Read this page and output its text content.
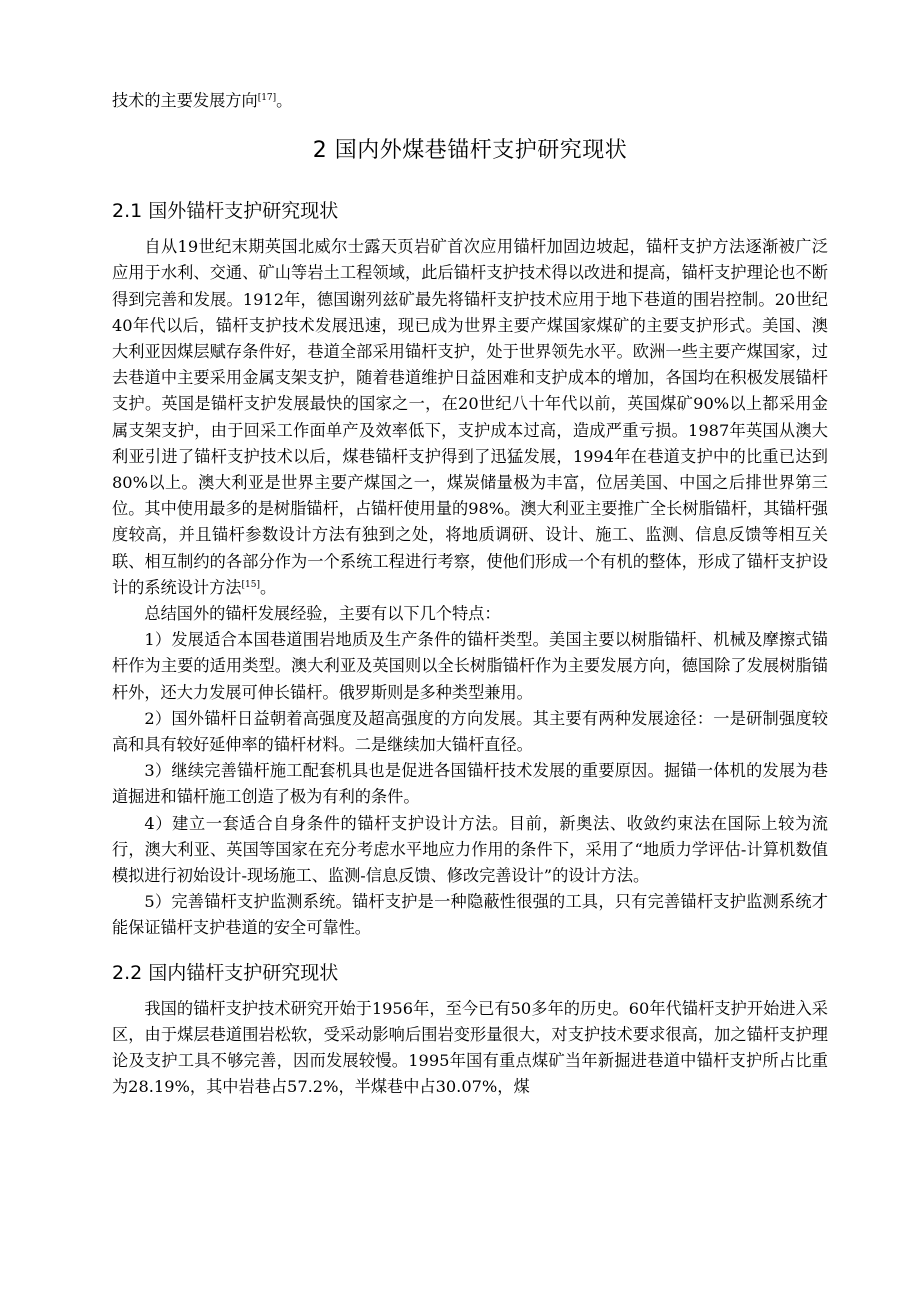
技术的主要发展方向[17]。

2 国内外煤巷锚杆支护研究现状
2.1 国外锚杆支护研究现状

自从19世纪末期英国北威尔士露天页岩矿首次应用锚杆加固边坡起，锚杆支护方法逐渐被广泛应用于水利、交通、矿山等岩土工程领域，此后锚杆支护技术得以改进和提高，锚杆支护理论也不断得到完善和发展。1912年，德国谢列兹矿最先将锚杆支护技术应用于地下巷道的围岩控制。20世纪40年代以后，锚杆支护技术发展迅速，现已成为世界主要产煤国家煤矿的主要支护形式。美国、澳大利亚因煤层赋存条件好，巷道全部采用锚杆支护，处于世界领先水平。欧洲一些主要产煤国家，过去巷道中主要采用金属支架支护，随着巷道维护日益困难和支护成本的增加，各国均在积极发展锚杆支护。英国是锚杆支护发展最快的国家之一，在20世纪八十年代以前，英国煤矿90%以上都采用金属支架支护，由于回采工作面单产及效率低下，支护成本过高，造成严重亏损。1987年英国从澳大利亚引进了锚杆支护技术以后，煤巷锚杆支护得到了迅猛发展，1994年在巷道支护中的比重已达到80%以上。澳大利亚是世界主要产煤国之一，煤炭储量极为丰富，位居美国、中国之后排世界第三位。其中使用最多的是树脂锚杆，占锚杆使用量的98%。澳大利亚主要推广全长树脂锚杆，其锚杆强度较高，并且锚杆参数设计方法有独到之处，将地质调研、设计、施工、监测、信息反馈等相互关联、相互制约的各部分作为一个系统工程进行考察，使他们形成一个有机的整体，形成了锚杆支护设计的系统设计方法[15]。

总结国外的锚杆发展经验，主要有以下几个特点：

1）发展适合本国巷道围岩地质及生产条件的锚杆类型。美国主要以树脂锚杆、机械及摩擦式锚杆作为主要的适用类型。澳大利亚及英国则以全长树脂锚杆作为主要发展方向，德国除了发展树脂锚杆外，还大力发展可伸长锚杆。俄罗斯则是多种类型兼用。

2）国外锚杆日益朝着高强度及超高强度的方向发展。其主要有两种发展途径：一是研制强度较高和具有较好延伸率的锚杆材料。二是继续加大锚杆直径。

3）继续完善锚杆施工配套机具也是促进各国锚杆技术发展的重要原因。掘锚一体机的发展为巷道掘进和锚杆施工创造了极为有利的条件。

4）建立一套适合自身条件的锚杆支护设计方法。目前，新奥法、收敛约束法在国际上较为流行，澳大利亚、英国等国家在充分考虑水平地应力作用的条件下，采用了“地质力学评估-计算机数值模拟进行初始设计-现场施工、监测-信息反馈、修改完善设计”的设计方法。

5）完善锚杆支护监测系统。锚杆支护是一种隐蔽性很强的工具，只有完善锚杆支护监测系统才能保证锚杆支护巷道的安全可靠性。

2.2 国内锚杆支护研究现状

我国的锚杆支护技术研究开始于1956年，至今已有50多年的历史。60年代锚杆支护开始进入采区，由于煤层巷道围岩松软，受采动影响后围岩变形量很大，对支护技术要求很高，加之锚杆支护理论及支护工具不够完善，因而发展较慢。1995年国有重点煤矿当年新掘进巷道中锚杆支护所占比重为28.19%，其中岩巷占57.2%，半煤巷中占30.07%，煤
